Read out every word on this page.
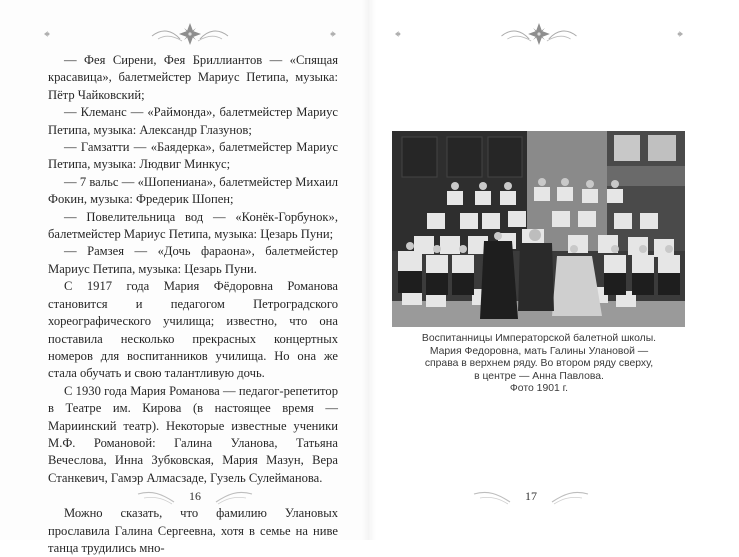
— Фея Сирени, Фея Бриллиантов — «Спящая красавица», балетмейстер Мариус Петипа, музыка: Пётр Чайковский;

— Клеманс — «Раймонда», балетмейстер Мариус Петипа, музыка: Александр Глазунов;

— Гамзатти — «Баядерка», балетмейстер Мариус Петипа, музыка: Людвиг Минкус;

— 7 вальс — «Шопениана», балетмейстер Михаил Фокин, музыка: Фредерик Шопен;

— Повелительница вод — «Конёк-Горбунок», балетмейстер Мариус Петипа, музыка: Цезарь Пуни;

— Рамзея — «Дочь фараона», балетмейстер Мариус Петипа, музыка: Цезарь Пуни.

С 1917 года Мария Фёдоровна Романова становится и педагогом Петроградского хореографического училища; известно, что она поставила несколько прекрасных концертных номеров для воспитанников училища. Но она же стала обучать и свою талантливую дочь.

С 1930 года Мария Романова — педагог-репетитор в Театре им. Кирова (в настоящее время — Мариинский театр). Некоторые известные ученики М.Ф. Романовой: Галина Уланова, Татьяна Вечеслова, Инна Зубковская, Мария Мазун, Вера Станкевич, Гамэр Алмасзаде, Гузель Сулейманова.

Можно сказать, что фамилию Улановых прославила Галина Сергеевна, хотя в семье на ниве танца трудились мно-

16
Воспитанницы Императорской балетной школы.
Мария Федоровна, мать Галины Улановой —
справа в верхнем ряду. Во втором ряду сверху,
в центре — Анна Павлова.
Фото 1901 г.
17
